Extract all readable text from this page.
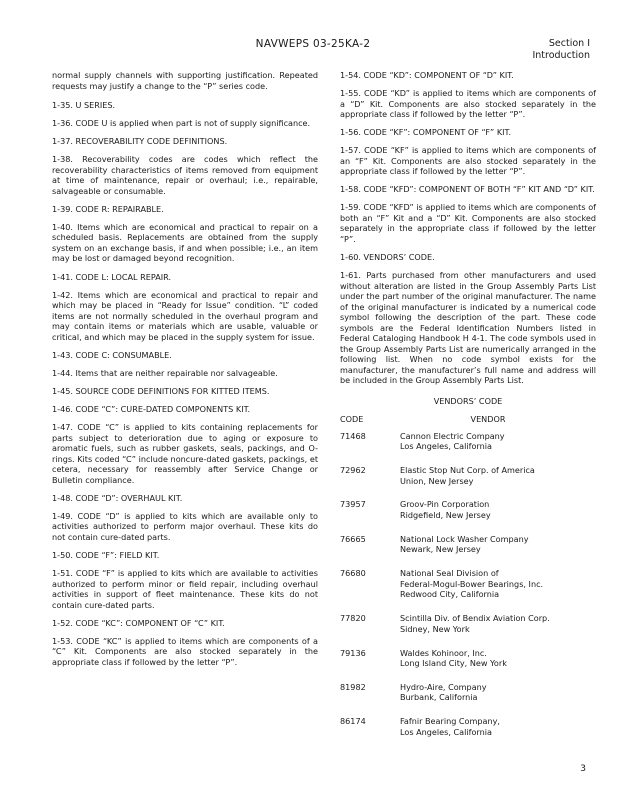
NAVWEPS 03-25KA-2	Section I
Introduction

normal supply channels with supporting justification. Repeated requests may justify a change to the “P” series code.

1-35. U SERIES.

1-36. CODE U is applied when part is not of supply significance.

1-37. RECOVERABILITY CODE DEFINITIONS.

1-38. Recoverability codes are codes which reflect the recoverability characteristics of items removed from equipment at time of maintenance, repair or overhaul; i.e., repairable, salvageable or consumable.

1-39. CODE R: REPAIRABLE.

1-40. Items which are economical and practical to repair on a scheduled basis. Replacements are obtained from the supply system on an exchange basis, if and when possible; i.e., an item may be lost or damaged beyond recognition.

1-41. CODE L: LOCAL REPAIR.

1-42. Items which are economical and practical to repair and which may be placed in “Ready for Issue” condition. “L” coded items are not normally scheduled in the overhaul program and may contain items or materials which are usable, valuable or critical, and which may be placed in the supply system for issue.

1-43. CODE C: CONSUMABLE.

1-44. Items that are neither repairable nor salvageable.

1-45. SOURCE CODE DEFINITIONS FOR KITTED ITEMS.

1-46. CODE “C”: CURE-DATED COMPONENTS KIT.

1-47. CODE “C” is applied to kits containing replacements for parts subject to deterioration due to aging or exposure to aromatic fuels, such as rubber gaskets, seals, packings, and O-rings. Kits coded “C” include noncure-dated gaskets, packings, et cetera, necessary for reassembly after Service Change or Bulletin compliance.

1-48. CODE “D”: OVERHAUL KIT.

1-49. CODE “D” is applied to kits which are available only to activities authorized to perform major overhaul. These kits do not contain cure-dated parts.

1-50. CODE “F”: FIELD KIT.

1-51. CODE “F” is applied to kits which are available to activities authorized to perform minor or field repair, including overhaul activities in support of fleet maintenance. These kits do not contain cure-dated parts.

1-52. CODE “KC”: COMPONENT OF “C” KIT.

1-53. CODE “KC” is applied to items which are components of a “C” Kit. Components are also stocked separately in the appropriate class if followed by the letter “P”.

1-54. CODE “KD”: COMPONENT OF “D” KIT.

1-55. CODE “KD” is applied to items which are components of a “D” Kit. Components are also stocked separately in the appropriate class if followed by the letter “P”.

1-56. CODE “KF”: COMPONENT OF “F” KIT.

1-57. CODE “KF” is applied to items which are components of an “F” Kit. Components are also stocked separately in the appropriate class if followed by the letter “P”.

1-58. CODE “KFD”: COMPONENT OF BOTH “F” KIT AND “D” KIT.

1-59. CODE “KFD” is applied to items which are components of both an “F” Kit and a “D” Kit. Components are also stocked separately in the appropriate class if followed by the letter “P”.

1-60. VENDORS’ CODE.

1-61. Parts purchased from other manufacturers and used without alteration are listed in the Group Assembly Parts List under the part number of the original manufacturer. The name of the original manufacturer is indicated by a numerical code symbol following the description of the part. These code symbols are the Federal Identification Numbers listed in Federal Cataloging Handbook H 4-1. The code symbols used in the Group Assembly Parts List are numerically arranged in the following list. When no code symbol exists for the manufacturer, the manufacturer’s full name and address will be included in the Group Assembly Parts List.

VENDORS’ CODE
CODE	VENDOR
71468	Cannon Electric Company
Los Angeles, California
72962	Elastic Stop Nut Corp. of America
Union, New Jersey
73957	Groov-Pin Corporation
Ridgefield, New Jersey
76665	National Lock Washer Company
Newark, New Jersey
76680	National Seal Division of
Federal-Mogul-Bower Bearings, Inc.
Redwood City, California
77820	Scintilla Div. of Bendix Aviation Corp.
Sidney, New York
79136	Waldes Kohinoor, Inc.
Long Island City, New York
81982	Hydro-Aire, Company
Burbank, California
86174	Fafnir Bearing Company,
Los Angeles, California
3
